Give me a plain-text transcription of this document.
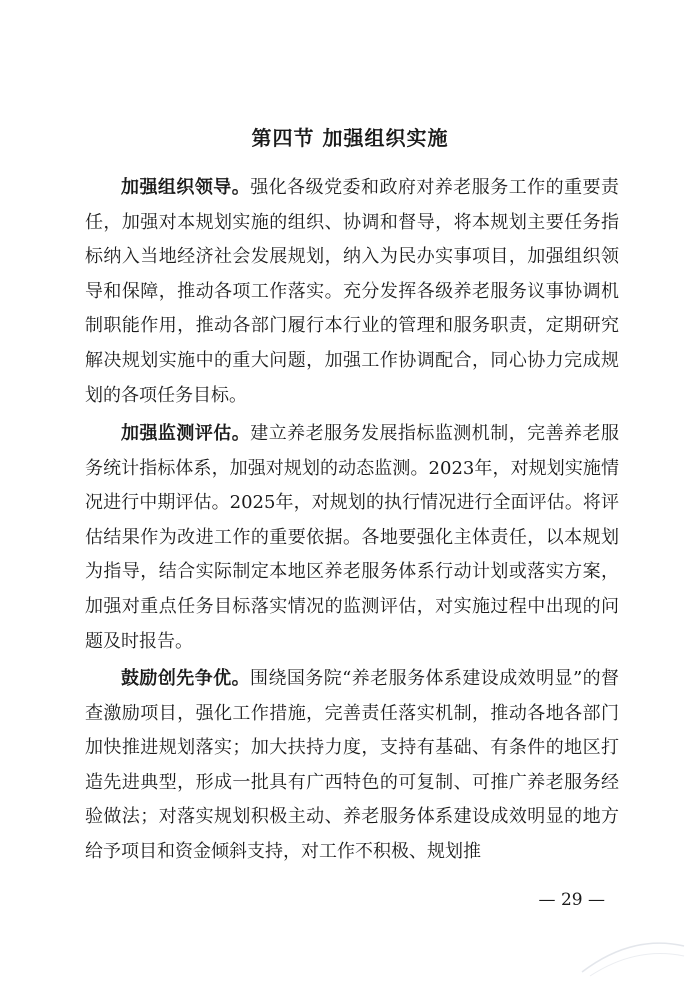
第四节 加强组织实施

加强组织领导。强化各级党委和政府对养老服务工作的重要责任，加强对本规划实施的组织、协调和督导，将本规划主要任务指标纳入当地经济社会发展规划，纳入为民办实事项目，加强组织领导和保障，推动各项工作落实。充分发挥各级养老服务议事协调机制职能作用，推动各部门履行本行业的管理和服务职责，定期研究解决规划实施中的重大问题，加强工作协调配合，同心协力完成规划的各项任务目标。

加强监测评估。建立养老服务发展指标监测机制，完善养老服务统计指标体系，加强对规划的动态监测。2023年，对规划实施情况进行中期评估。2025年，对规划的执行情况进行全面评估。将评估结果作为改进工作的重要依据。各地要强化主体责任，以本规划为指导，结合实际制定本地区养老服务体系行动计划或落实方案，加强对重点任务目标落实情况的监测评估，对实施过程中出现的问题及时报告。

鼓励创先争优。围绕国务院“养老服务体系建设成效明显”的督查激励项目，强化工作措施，完善责任落实机制，推动各地各部门加快推进规划落实；加大扶持力度，支持有基础、有条件的地区打造先进典型，形成一批具有广西特色的可复制、可推广养老服务经验做法；对落实规划积极主动、养老服务体系建设成效明显的地方给予项目和资金倾斜支持，对工作不积极、规划推

— 29 —
